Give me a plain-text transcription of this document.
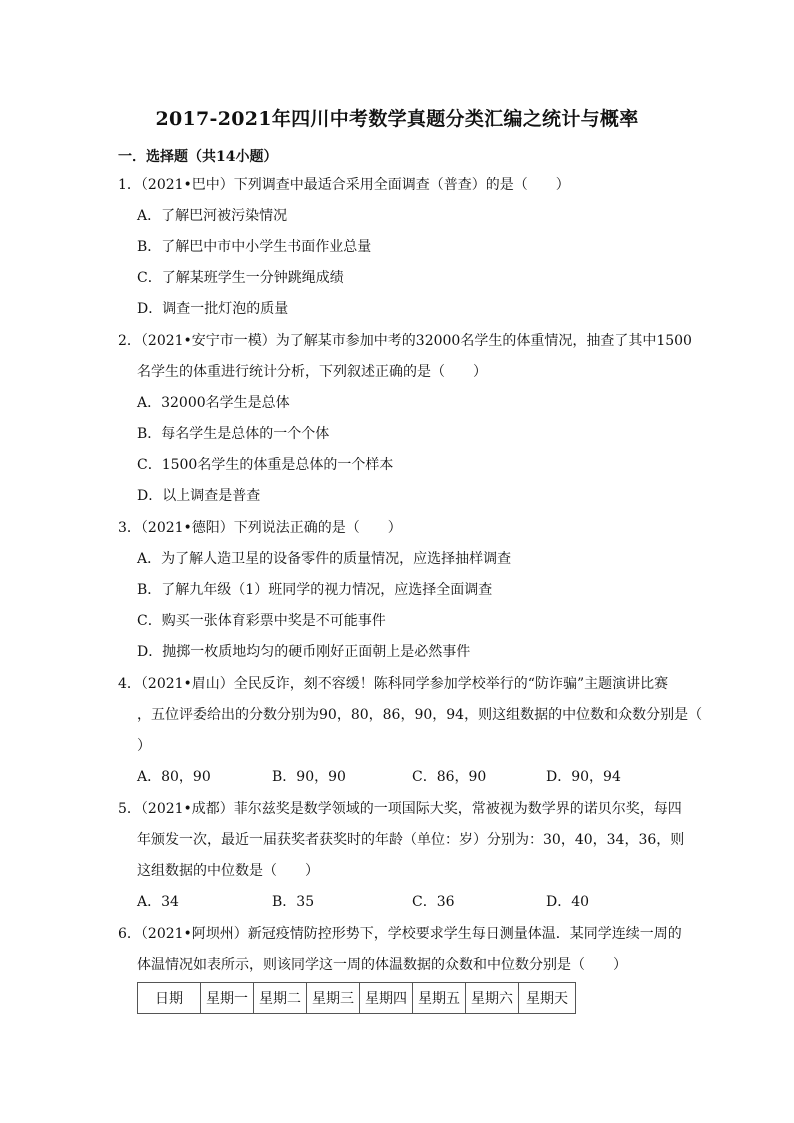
2017-2021年四川中考数学真题分类汇编之统计与概率
一．选择题（共14小题）
1．（2021•巴中）下列调查中最适合采用全面调查（普查）的是（　　）
A．了解巴河被污染情况
B．了解巴中市中小学生书面作业总量
C．了解某班学生一分钟跳绳成绩
D．调查一批灯泡的质量
2．（2021•安宁市一模）为了解某市参加中考的32000名学生的体重情况，抽查了其中1500
名学生的体重进行统计分析，下列叙述正确的是（　　）
A．32000名学生是总体
B．每名学生是总体的一个个体
C．1500名学生的体重是总体的一个样本
D．以上调查是普查
3．（2021•德阳）下列说法正确的是（　　）
A．为了解人造卫星的设备零件的质量情况，应选择抽样调查
B．了解九年级（1）班同学的视力情况，应选择全面调查
C．购买一张体育彩票中奖是不可能事件
D．抛掷一枚质地均匀的硬币刚好正面朝上是必然事件
4．（2021•眉山）全民反诈，刻不容缓！陈科同学参加学校举行的“防诈骗”主题演讲比赛
，五位评委给出的分数分别为90，80，86，90，94，则这组数据的中位数和众数分别是（
）
A．80，90	B．90，90	C．86，90	D．90，94
5．（2021•成都）菲尔兹奖是数学领域的一项国际大奖，常被视为数学界的诺贝尔奖，每四
年颁发一次，最近一届获奖者获奖时的年龄（单位：岁）分别为：30，40，34，36，则
这组数据的中位数是（　　）
A．34	B．35	C．36	D．40
6．（2021•阿坝州）新冠疫情防控形势下，学校要求学生每日测量体温．某同学连续一周的
体温情况如表所示，则该同学这一周的体温数据的众数和中位数分别是（　　）
日期	星期一	星期二	星期三	星期四	星期五	星期六	星期天
